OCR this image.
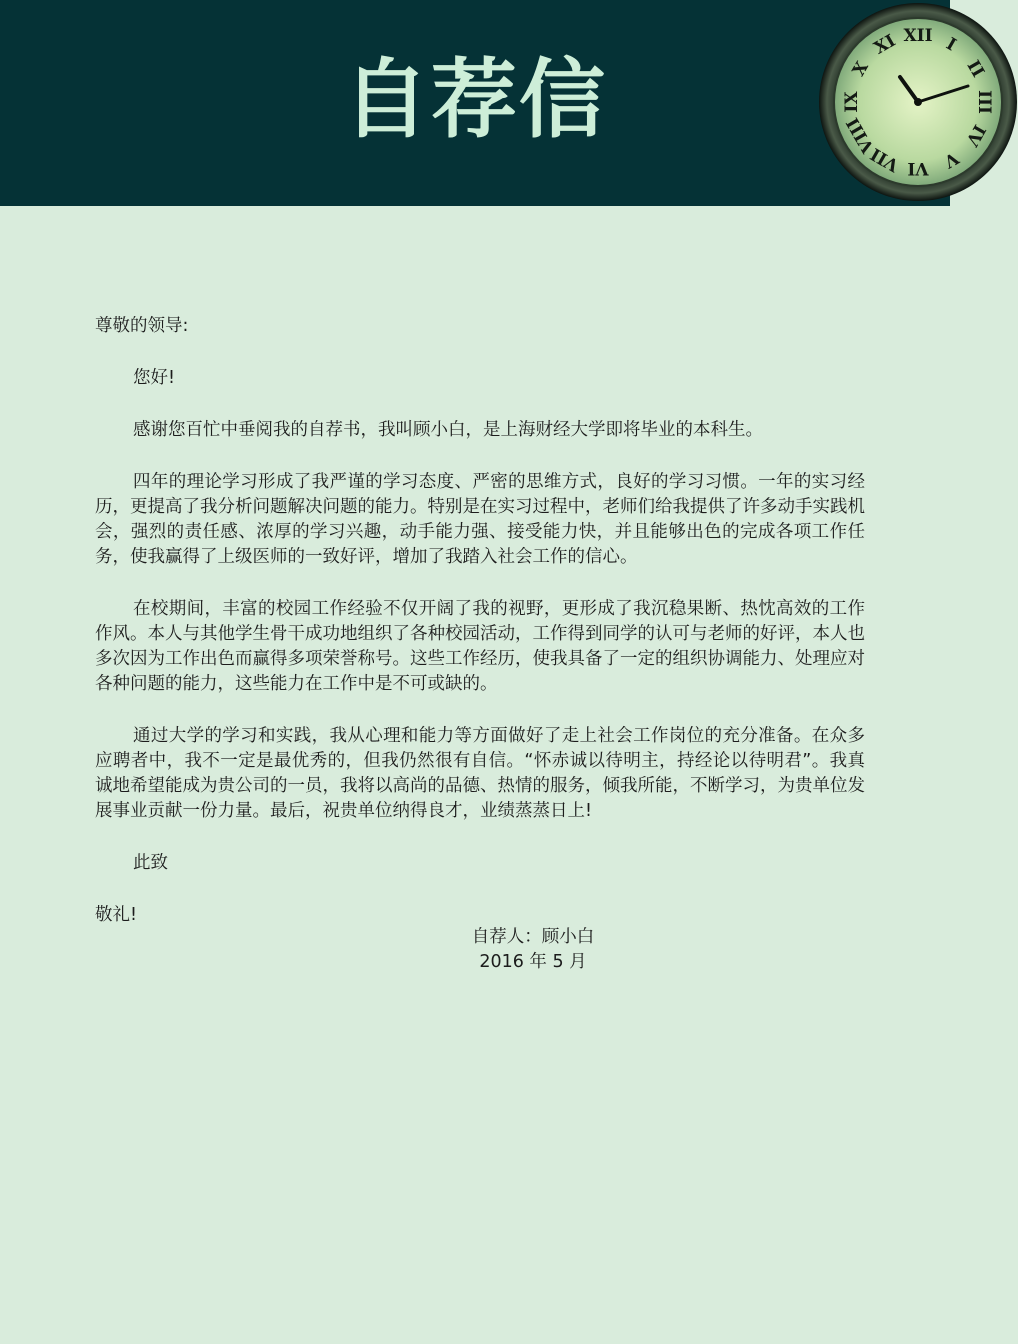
自荐信
XII I
II
III
IV
V
VI
VII
VIII
IX
X
XI

尊敬的领导:

您好!

感谢您百忙中垂阅我的自荐书，我叫顾小白，是上海财经大学即将毕业的本科生。

四年的理论学习形成了我严谨的学习态度、严密的思维方式，良好的学习习惯。一年的实习经历，更提高了我分析问题解决问题的能力。特别是在实习过程中，老师们给我提供了许多动手实践机会，强烈的责任感、浓厚的学习兴趣，动手能力强、接受能力快，并且能够出色的完成各项工作任务，使我赢得了上级医师的一致好评，增加了我踏入社会工作的信心。

在校期间，丰富的校园工作经验不仅开阔了我的视野，更形成了我沉稳果断、热忱高效的工作作风。本人与其他学生骨干成功地组织了各种校园活动，工作得到同学的认可与老师的好评，本人也多次因为工作出色而赢得多项荣誉称号。这些工作经历，使我具备了一定的组织协调能力、处理应对各种问题的能力，这些能力在工作中是不可或缺的。

通过大学的学习和实践，我从心理和能力等方面做好了走上社会工作岗位的充分准备。在众多应聘者中，我不一定是最优秀的，但我仍然很有自信。“怀赤诚以待明主，持经论以待明君”。我真诚地希望能成为贵公司的一员，我将以高尚的品德、热情的服务，倾我所能，不断学习，为贵单位发展事业贡献一份力量。最后，祝贵单位纳得良才，业绩蒸蒸日上!

此致

敬礼!

自荐人：顾小白
2016 年 5 月
